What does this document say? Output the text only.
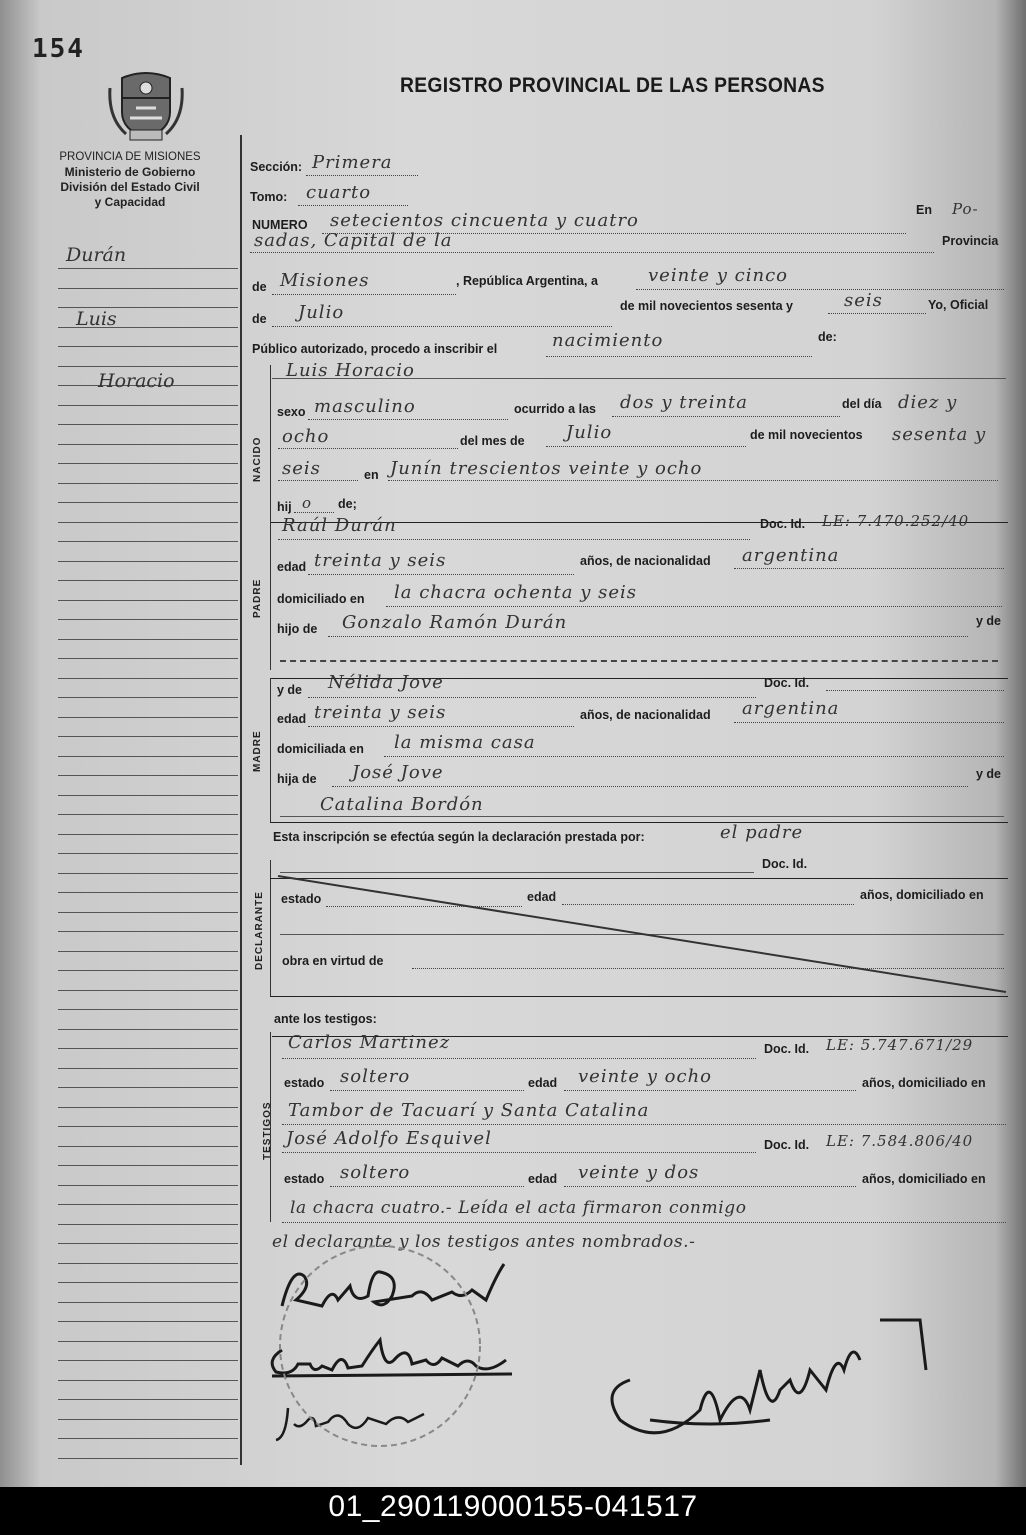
154
REGISTRO PROVINCIAL DE LAS PERSONAS
PROVINCIA DE MISIONES
Ministerio de Gobierno
División del Estado Civil
y Capacidad
Durán
Luis
Horacio
Sección: Primera
Tomo: cuarto
NUMERO setecientos cincuenta y cuatro	En Po-
sadas, Capital de la	Provincia
de Misiones	, República Argentina, a	veinte y cinco
de Julio	de mil novecientos sesenta y	seis	Yo, Oficial
Público autorizado, procedo a inscribir el	nacimiento	de:
NACIDO
Luis Horacio
sexo masculino	ocurrido a las dos y treinta	del día diez y
ocho	del mes de Julio	de mil novecientos sesenta y
seis	en Junín trescientos veinte y ocho
hij o de;
PADRE
Raúl Durán	Doc. Id. LE: 7.470.252/40
edad treinta y seis	años, de nacionalidad argentina
domiciliado en la chacra ochenta y seis
hijo de Gonzalo Ramón Durán	y de
MADRE
y de Nélida Jove	Doc. Id.
edad treinta y seis	años, de nacionalidad argentina
domiciliada en la misma casa
hija de José Jove	y de
Catalina Bordón
Esta inscripción se efectúa según la declaración prestada por:	el padre
DECLARANTE
Doc. Id.
estado	edad	años, domiciliado en
obra en virtud de
ante los testigos:
TESTIGOS
Carlos Martinez	Doc. Id. LE: 5.747.671/29
estado soltero	edad veinte y ocho	años, domiciliado en
Tambor de Tacuarí y Santa Catalina
José Adolfo Esquivel	Doc. Id. LE: 7.584.806/40
estado soltero	edad veinte y dos	años, domiciliado en
la chacra cuatro.- Leída el acta firmaron conmigo
el declarante y los testigos antes nombrados.-
01_290119000155-041517
